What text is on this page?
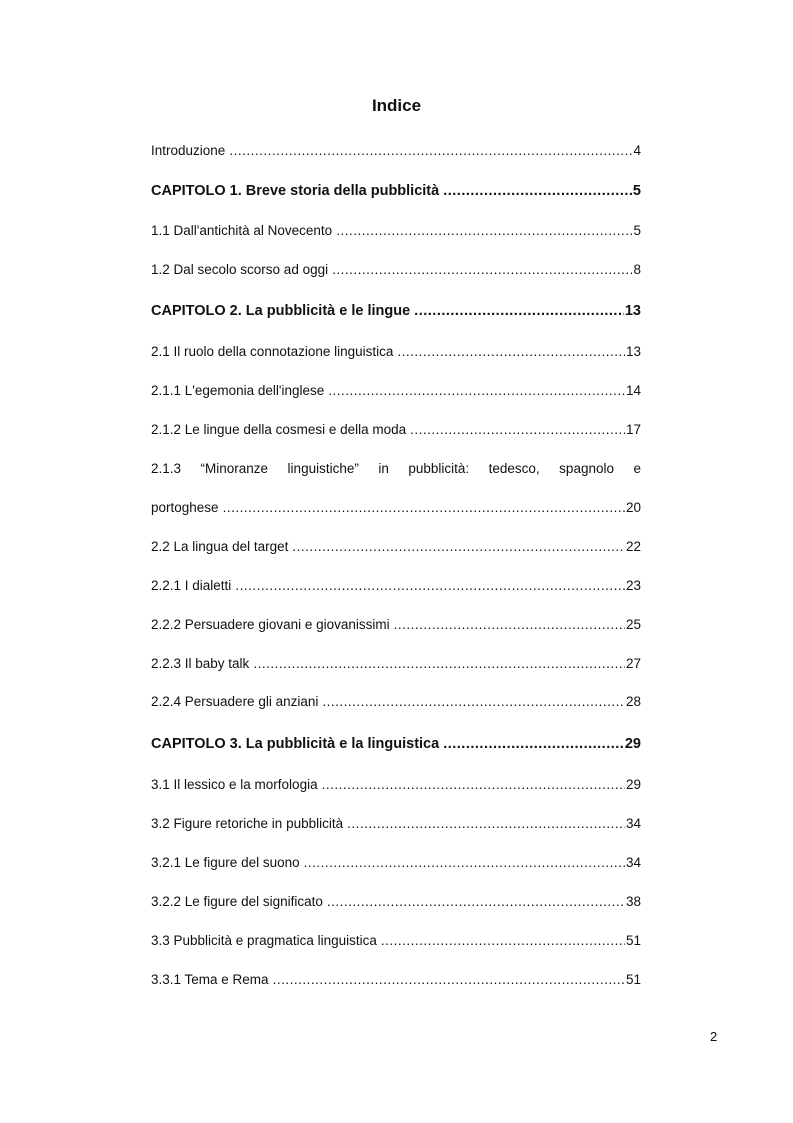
Indice
Introduzione .....	4
CAPITOLO 1. Breve storia della pubblicità .....	5
1.1 Dall'antichità al Novecento .....	5
1.2 Dal secolo scorso ad oggi .....	8
CAPITOLO 2. La pubblicità e le lingue .....	13
2.1 Il ruolo della connotazione linguistica .....	13
2.1.1 L'egemonia dell'inglese .....	14
2.1.2 Le lingue della cosmesi e della moda .....	17
2.1.3 “Minoranze linguistiche” in pubblicità: tedesco, spagnolo e
portoghese .....	20
2.2 La lingua del target .....	22
2.2.1 I dialetti .....	23
2.2.2 Persuadere giovani e giovanissimi .....	25
2.2.3 Il baby talk .....	27
2.2.4 Persuadere gli anziani .....	28
CAPITOLO 3. La pubblicità e la linguistica .....	29
3.1 Il lessico e la morfologia .....	29
3.2 Figure retoriche in pubblicità .....	34
3.2.1 Le figure del suono .....	34
3.2.2 Le figure del significato .....	38
3.3 Pubblicità e pragmatica linguistica .....	51
3.3.1 Tema e Rema .....	51
2
